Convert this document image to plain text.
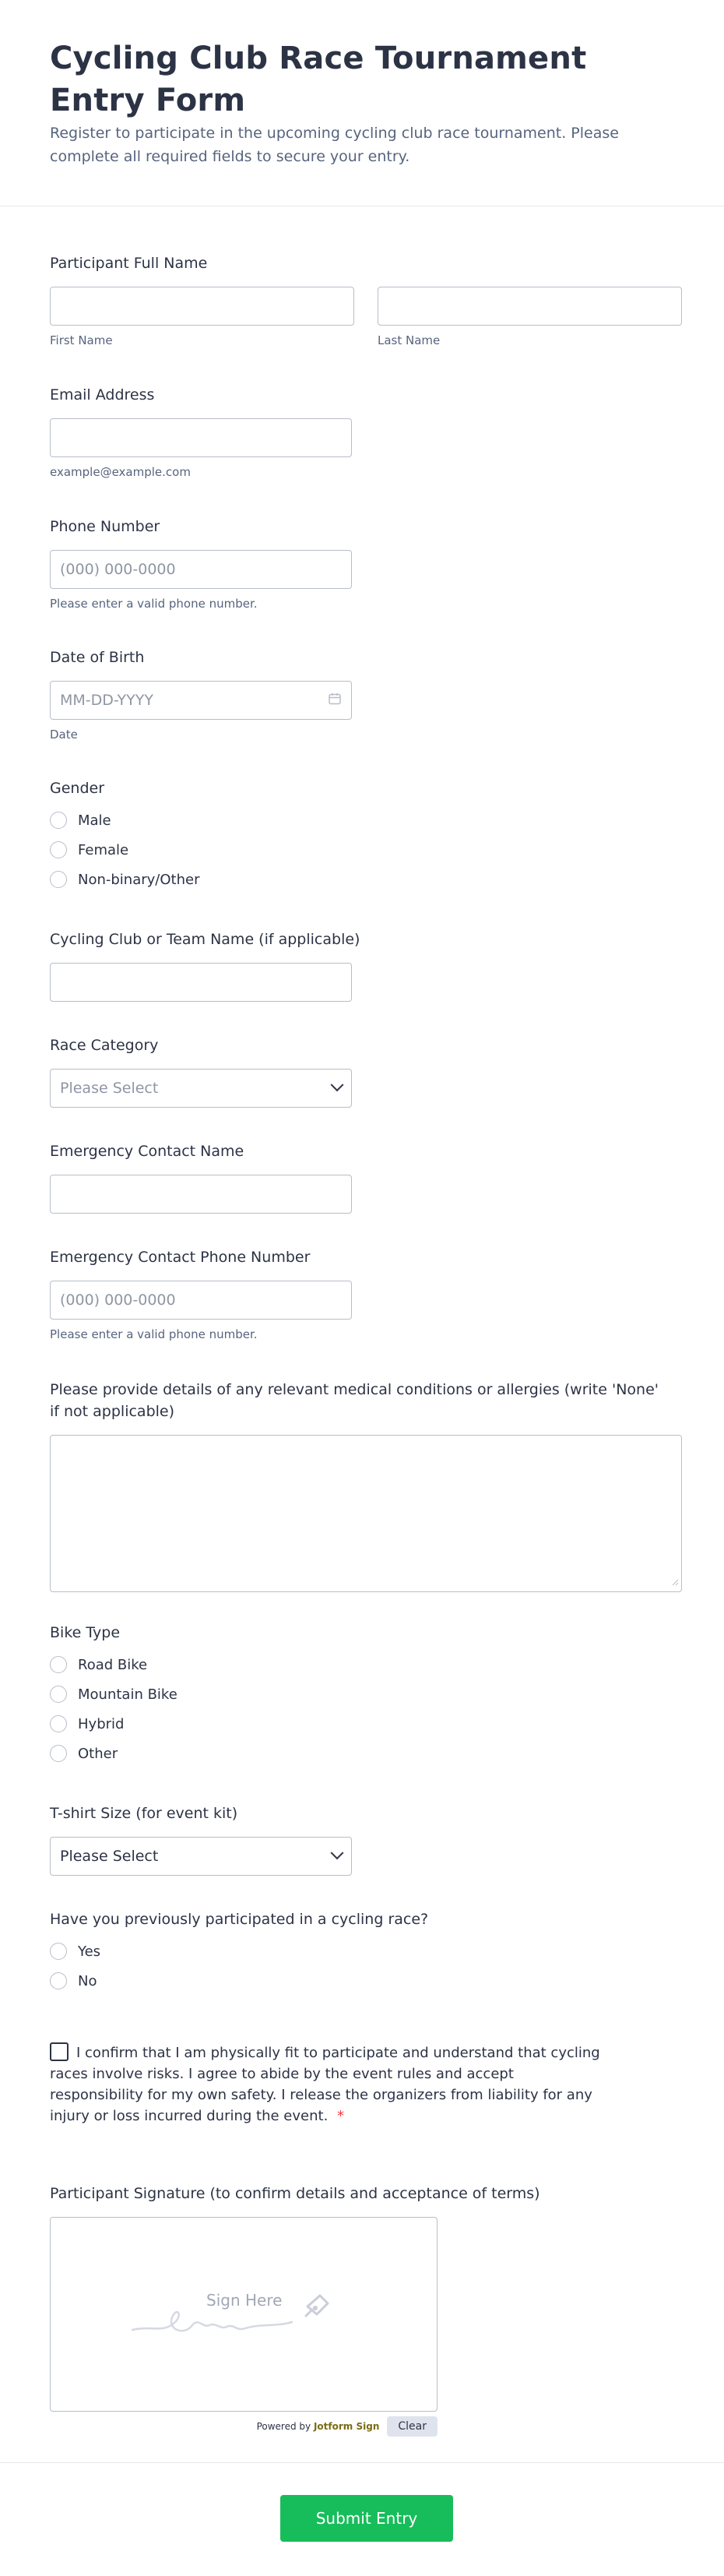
Cycling Club Race Tournament Entry Form

Register to participate in the upcoming cycling club race tournament. Please complete all required fields to secure your entry.

Participant Full Name
First Name	Last Name
Email Address
example@example.com
Phone Number
(000) 000-0000
Please enter a valid phone number.
Date of Birth
MM-DD-YYYY
Date
Gender
Male
Female
Non-binary/Other
Cycling Club or Team Name (if applicable)
Race Category
Please Select
Emergency Contact Name
Emergency Contact Phone Number
(000) 000-0000
Please enter a valid phone number.
Please provide details of any relevant medical conditions or allergies (write 'None' if not applicable)
Bike Type
Road Bike
Mountain Bike
Hybrid
Other
T-shirt Size (for event kit)
Please Select
Have you previously participated in a cycling race?
Yes
No
I confirm that I am physically fit to participate and understand that cycling races involve risks. I agree to abide by the event rules and accept responsibility for my own safety. I release the organizers from liability for any injury or loss incurred during the event. *
Participant Signature (to confirm details and acceptance of terms)
Sign Here
Powered by Jotform Sign	Clear
Submit Entry
